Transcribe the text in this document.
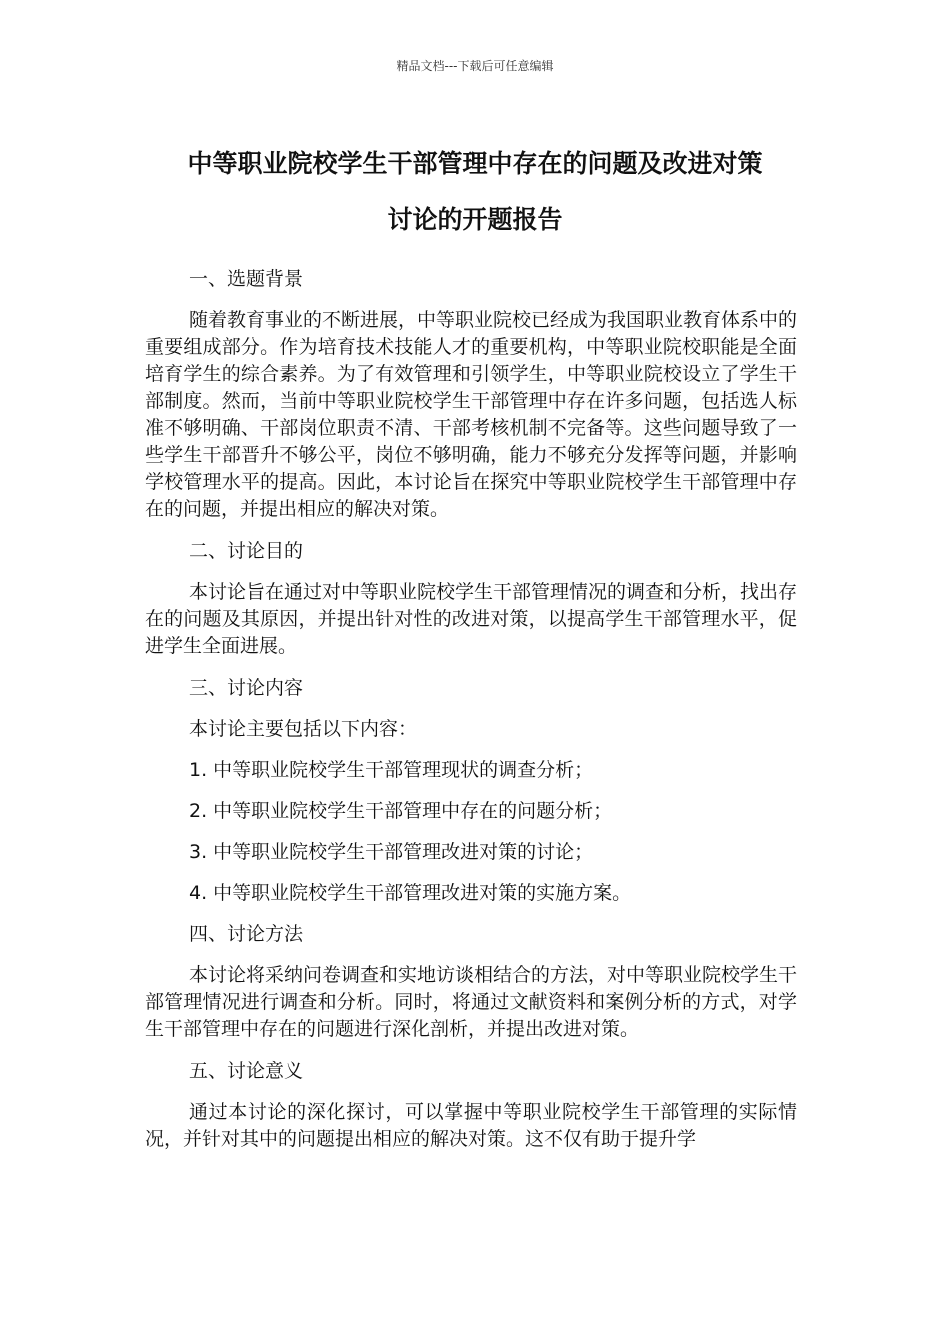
精品文档---下载后可任意编辑
中等职业院校学生干部管理中存在的问题及改进对策
讨论的开题报告

一、选题背景

随着教育事业的不断进展，中等职业院校已经成为我国职业教育体系中的重要组成部分。作为培育技术技能人才的重要机构，中等职业院校职能是全面培育学生的综合素养。为了有效管理和引领学生，中等职业院校设立了学生干部制度。然而，当前中等职业院校学生干部管理中存在许多问题，包括选人标准不够明确、干部岗位职责不清、干部考核机制不完备等。这些问题导致了一些学生干部晋升不够公平，岗位不够明确，能力不够充分发挥等问题，并影响学校管理水平的提高。因此，本讨论旨在探究中等职业院校学生干部管理中存在的问题，并提出相应的解决对策。

二、讨论目的

本讨论旨在通过对中等职业院校学生干部管理情况的调查和分析，找出存在的问题及其原因，并提出针对性的改进对策，以提高学生干部管理水平，促进学生全面进展。

三、讨论内容

本讨论主要包括以下内容：

1. 中等职业院校学生干部管理现状的调查分析；

2. 中等职业院校学生干部管理中存在的问题分析；

3. 中等职业院校学生干部管理改进对策的讨论；

4. 中等职业院校学生干部管理改进对策的实施方案。

四、讨论方法

本讨论将采纳问卷调查和实地访谈相结合的方法，对中等职业院校学生干部管理情况进行调查和分析。同时，将通过文献资料和案例分析的方式，对学生干部管理中存在的问题进行深化剖析，并提出改进对策。

五、讨论意义

通过本讨论的深化探讨，可以掌握中等职业院校学生干部管理的实际情况，并针对其中的问题提出相应的解决对策。这不仅有助于提升学
